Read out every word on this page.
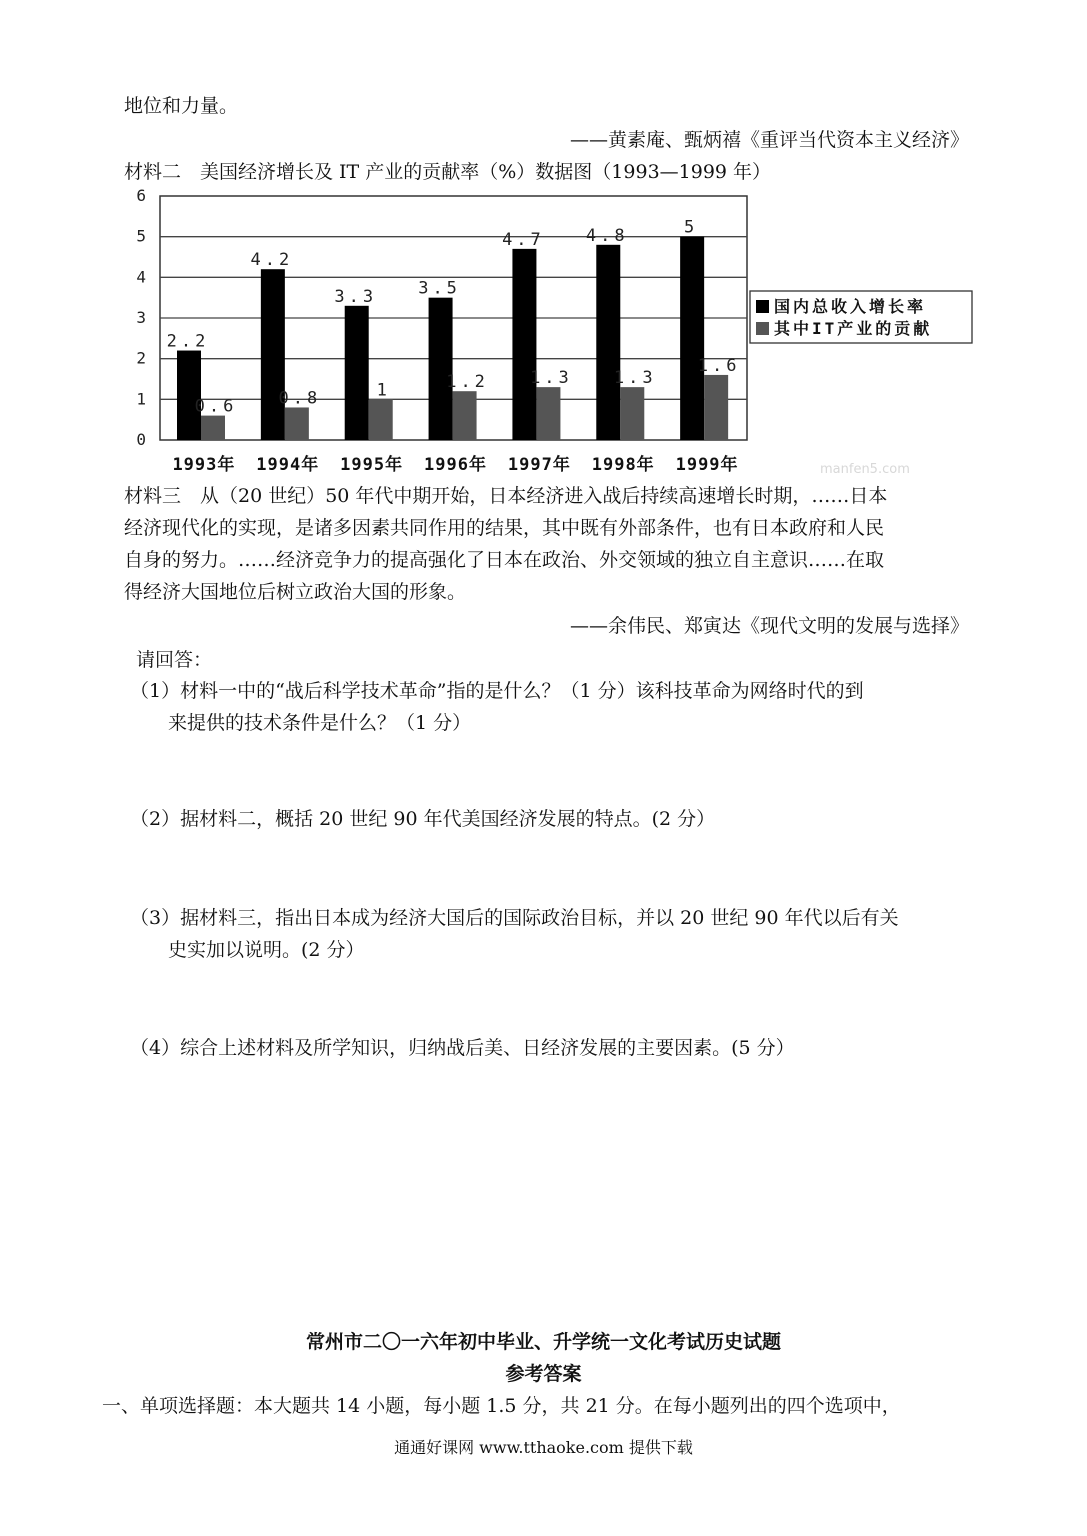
地位和力量。
——黄素庵、甄炳禧《重评当代资本主义经济》
材料二　美国经济增长及 IT 产业的贡献率（%）数据图（1993—1999 年）
0
1
2
3
4
5
6
2.2
0.6
1993年
4.2
0.8
1994年
3.3
1
1995年
3.5
1.2
1996年
4.7
1.3
1997年
4.8
1.3
1998年
5
1.6
1999年
国内总收入增长率
其中IT产业的贡献
manfen5.com
材料三　从（20 世纪）50 年代中期开始，日本经济进入战后持续高速增长时期，……日本
经济现代化的实现，是诸多因素共同作用的结果，其中既有外部条件，也有日本政府和人民
自身的努力。……经济竞争力的提高强化了日本在政治、外交领域的独立自主意识……在取
得经济大国地位后树立政治大国的形象。
——余伟民、郑寅达《现代文明的发展与选择》
请回答：
（1）材料一中的“战后科学技术革命”指的是什么？（1 分）该科技革命为网络时代的到
来提供的技术条件是什么？（1 分）
（2）据材料二，概括 20 世纪 90 年代美国经济发展的特点。(2 分）
（3）据材料三，指出日本成为经济大国后的国际政治目标，并以 20 世纪 90 年代以后有关
史实加以说明。(2 分）
（4）综合上述材料及所学知识，归纳战后美、日经济发展的主要因素。(5 分）
常州市二〇一六年初中毕业、升学统一文化考试历史试题
参考答案
一、单项选择题：本大题共 14 小题，每小题 1.5 分，共 21 分。在每小题列出的四个选项中，
通通好课网 www.tthaoke.com 提供下载
